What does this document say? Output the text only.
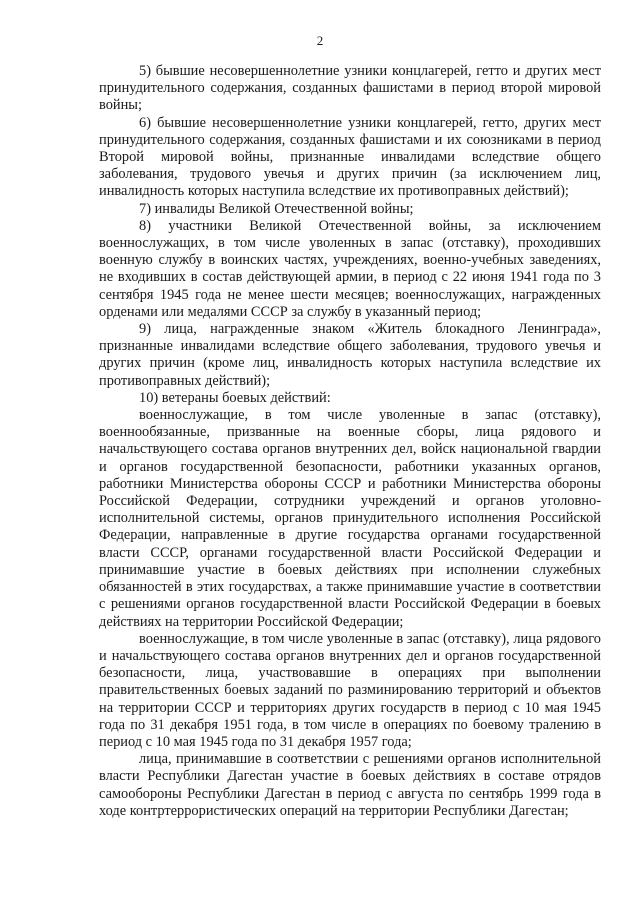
2

5) бывшие несовершеннолетние узники концлагерей, гетто и других мест принудительного содержания, созданных фашистами в период второй мировой войны;

6) бывшие несовершеннолетние узники концлагерей, гетто, других мест принудительного содержания, созданных фашистами и их союзниками в период Второй мировой войны, признанные инвалидами вследствие общего заболевания, трудового увечья и других причин (за исключением лиц, инвалидность которых наступила вследствие их противоправных действий);

7) инвалиды Великой Отечественной войны;

8) участники Великой Отечественной войны, за исключением военнослужащих, в том числе уволенных в запас (отставку), проходивших военную службу в воинских частях, учреждениях, военно-учебных заведениях, не входивших в состав действующей армии, в период с 22 июня 1941 года по 3 сентября 1945 года не менее шести месяцев; военнослужащих, награжденных орденами или медалями СССР за службу в указанный период;

9) лица, награжденные знаком «Житель блокадного Ленинграда», признанные инвалидами вследствие общего заболевания, трудового увечья и других причин (кроме лиц, инвалидность которых наступила вследствие их противоправных действий);

10) ветераны боевых действий:

военнослужащие, в том числе уволенные в запас (отставку), военнообязанные, призванные на военные сборы, лица рядового и начальствующего состава органов внутренних дел, войск национальной гвардии и органов государственной безопасности, работники указанных органов, работники Министерства обороны СССР и работники Министерства обороны Российской Федерации, сотрудники учреждений и органов уголовно-исполнительной системы, органов принудительного исполнения Российской Федерации, направленные в другие государства органами государственной власти СССР, органами государственной власти Российской Федерации и принимавшие участие в боевых действиях при исполнении служебных обязанностей в этих государствах, а также принимавшие участие в соответствии с решениями органов государственной власти Российской Федерации в боевых действиях на территории Российской Федерации;

военнослужащие, в том числе уволенные в запас (отставку), лица рядового и начальствующего состава органов внутренних дел и органов государственной безопасности, лица, участвовавшие в операциях при выполнении правительственных боевых заданий по разминированию территорий и объектов на территории СССР и территориях других государств в период с 10 мая 1945 года по 31 декабря 1951 года, в том числе в операциях по боевому тралению в период с 10 мая 1945 года по 31 декабря 1957 года;

лица, принимавшие в соответствии с решениями органов исполнительной власти Республики Дагестан участие в боевых действиях в составе отрядов самообороны Республики Дагестан в период с августа по сентябрь 1999 года в ходе контртеррористических операций на территории Республики Дагестан;
